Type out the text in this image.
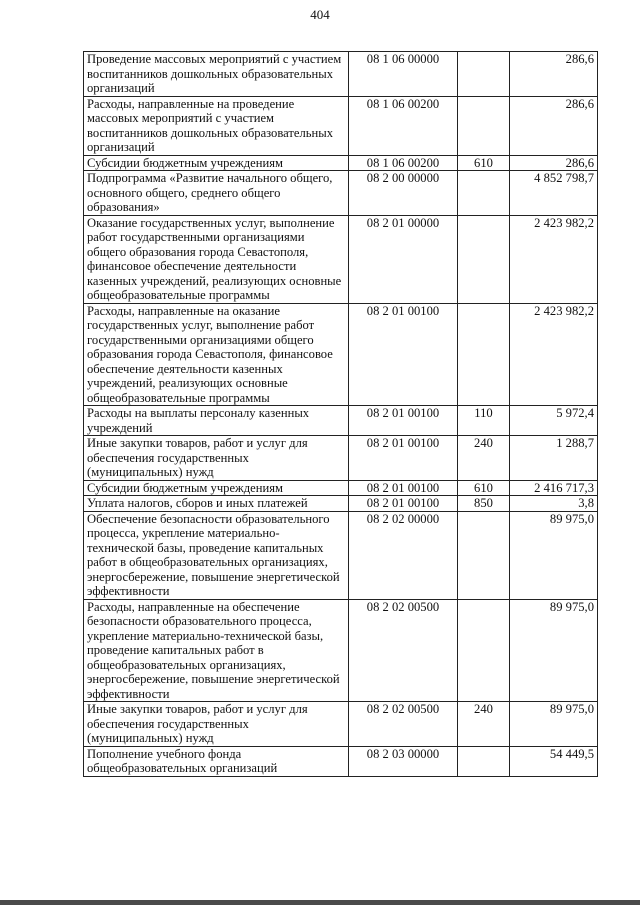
404
Проведение массовых мероприятий с участием воспитанников дошкольных образовательных организаций	08 1 06 00000		286,6
Расходы, направленные на проведение массовых мероприятий с участием воспитанников дошкольных образовательных организаций	08 1 06 00200		286,6
Субсидии бюджетным учреждениям	08 1 06 00200	610	286,6
Подпрограмма «Развитие начального общего, основного общего, среднего общего образования»	08 2 00 00000		4 852 798,7
Оказание государственных услуг, выполнение работ государственными организациями общего образования города Севастополя, финансовое обеспечение деятельности казенных учреждений, реализующих основные общеобразовательные программы	08 2 01 00000		2 423 982,2
Расходы, направленные на оказание государственных услуг, выполнение работ государственными организациями общего образования города Севастополя, финансовое обеспечение деятельности казенных учреждений, реализующих основные общеобразовательные программы	08 2 01 00100		2 423 982,2
Расходы на выплаты персоналу казенных учреждений	08 2 01 00100	110	5 972,4
Иные закупки товаров, работ и услуг для обеспечения государственных (муниципальных) нужд	08 2 01 00100	240	1 288,7
Субсидии бюджетным учреждениям	08 2 01 00100	610	2 416 717,3
Уплата налогов, сборов и иных платежей	08 2 01 00100	850	3,8
Обеспечение безопасности образовательного процесса, укрепление материально-технической базы, проведение капитальных работ в общеобразовательных организациях, энергосбережение, повышение энергетической эффективности	08 2 02 00000		89 975,0
Расходы, направленные на обеспечение безопасности образовательного процесса, укрепление материально-технической базы, проведение капитальных работ в общеобразовательных организациях, энергосбережение, повышение энергетической эффективности	08 2 02 00500		89 975,0
Иные закупки товаров, работ и услуг для обеспечения государственных (муниципальных) нужд	08 2 02 00500	240	89 975,0
Пополнение учебного фонда общеобразовательных организаций	08 2 03 00000		54 449,5
